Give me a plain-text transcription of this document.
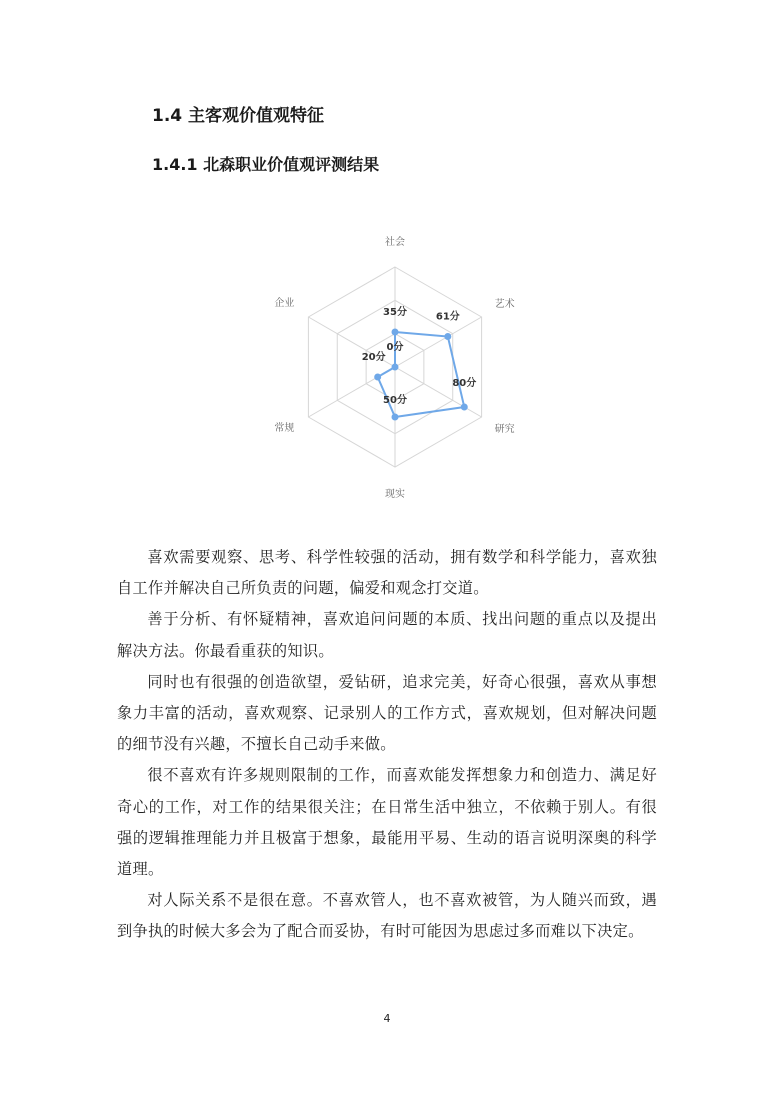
1.4 主客观价值观特征
1.4.1 北森职业价值观评测结果
社会
艺术
研究
现实
常规
企业
35分	61分
80分
50分
20分
0分

喜欢需要观察、思考、科学性较强的活动，拥有数学和科学能力，喜欢独自工作并解决自己所负责的问题，偏爱和观念打交道。

善于分析、有怀疑精神，喜欢追问问题的本质、找出问题的重点以及提出解决方法。你最看重获的知识。

同时也有很强的创造欲望，爱钻研，追求完美，好奇心很强，喜欢从事想象力丰富的活动，喜欢观察、记录别人的工作方式，喜欢规划，但对解决问题的细节没有兴趣，不擅长自己动手来做。

很不喜欢有许多规则限制的工作，而喜欢能发挥想象力和创造力、满足好奇心的工作，对工作的结果很关注；在日常生活中独立，不依赖于别人。有很强的逻辑推理能力并且极富于想象，最能用平易、生动的语言说明深奥的科学道理。

对人际关系不是很在意。不喜欢管人，也不喜欢被管，为人随兴而致，遇到争执的时候大多会为了配合而妥协，有时可能因为思虑过多而难以下决定。

4
